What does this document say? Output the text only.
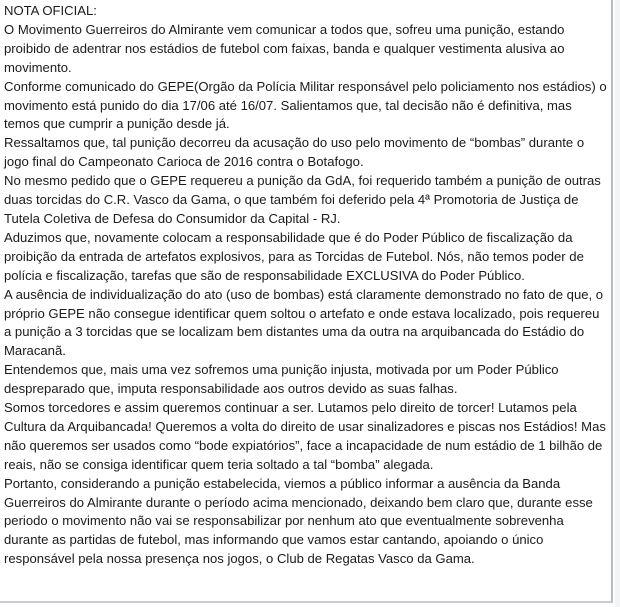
NOTA OFICIAL:

O Movimento Guerreiros do Almirante vem comunicar a todos que, sofreu uma punição, estando proibido de adentrar nos estádios de futebol com faixas, banda e qualquer vestimenta alusiva ao movimento.

Conforme comunicado do GEPE(Orgão da Polícia Militar responsável pelo policiamento nos estádios) o movimento está punido do dia 17/06 até 16/07. Salientamos que, tal decisão não é definitiva, mas temos que cumprir a punição desde já.

Ressaltamos que, tal punição decorreu da acusação do uso pelo movimento de “bombas” durante o jogo final do Campeonato Carioca de 2016 contra o Botafogo.

No mesmo pedido que o GEPE requereu a punição da GdA, foi requerido também a punição de outras duas torcidas do C.R. Vasco da Gama, o que também foi deferido pela 4ª Promotoria de Justiça de Tutela Coletiva de Defesa do Consumidor da Capital - RJ.

Aduzimos que, novamente colocam a responsabilidade que é do Poder Público de fiscalização da proibição da entrada de artefatos explosivos, para as Torcidas de Futebol. Nós, não temos poder de polícia e fiscalização, tarefas que são de responsabilidade EXCLUSIVA do Poder Público.

A ausência de individualização do ato (uso de bombas) está claramente demonstrado no fato de que, o próprio GEPE não consegue identificar quem soltou o artefato e onde estava localizado, pois requereu a punição a 3 torcidas que se localizam bem distantes uma da outra na arquibancada do Estádio do Maracanã.

Entendemos que, mais uma vez sofremos uma punição injusta, motivada por um Poder Público despreparado que, imputa responsabilidade aos outros devido as suas falhas.

Somos torcedores e assim queremos continuar a ser. Lutamos pelo direito de torcer! Lutamos pela Cultura da Arquibancada! Queremos a volta do direito de usar sinalizadores e piscas nos Estádios! Mas não queremos ser usados como “bode expiatórios”, face a incapacidade de num estádio de 1 bilhão de reais, não se consiga identificar quem teria soltado a tal “bomba” alegada.

Portanto, considerando a punição estabelecida, viemos a público informar a ausência da Banda Guerreiros do Almirante durante o período acima mencionado, deixando bem claro que, durante esse periodo o movimento não vai se responsabilizar por nenhum ato que eventualmente sobrevenha durante as partidas de futebol, mas informando que vamos estar cantando, apoiando o único responsável pela nossa presença nos jogos, o Club de Regatas Vasco da Gama.
